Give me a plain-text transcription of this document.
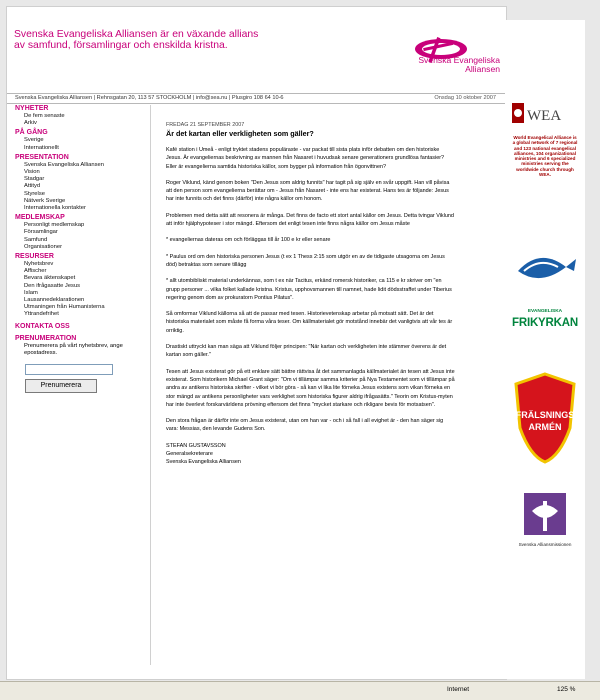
Svenska Evangeliska Alliansen är en växande allians av samfund, församlingar och enskilda kristna.

Svenska Evangeliska Alliansen
Svenska Evangeliska Alliansen | Rehnsgatan 20, 113 57 STOCKHOLM | info@sea.nu | Plusgiro 108 64 10-6	Onsdag 10 oktober 2007
NYHETER
De fem senaste
Arkiv
PÅ GÅNG
Sverige
Internationellt
PRESENTATION
Svenska Evangeliska Alliansen
Vision
Stadgar
Attityd
Styrelse
Nätverk Sverige
Internationella kontakter
MEDLEMSKAP
Personligt medlemskap
Församlingar
Samfund
Organisationer
RESURSER
Nyhetsbrev
Affischer
Bevara äktenskapet
Den ifrågasatte Jesus
Islam
Lausannedeklarationen
Utmaningen från Humanisterna
Yttrandefrihet
KONTAKTA OSS
PRENUMERATION
Prenumerera på vårt nyhetsbrev, ange epostadress.
Prenumerera
FREDAG 21 SEPTEMBER 2007
Är det kartan eller verkligheten som gäller?

Kafé station i Umeå - enligt tryktet stadens populäraste - var packat till sista plats inför debatten om den historiske Jesus. Är evangeliernas beskrivning av mannen från Nasaret i huvudsak senare generationers grundlösa fantasier? Eller är evangelierna samtida historiska källor, som bygger på information från ögonvittnen?

Roger Viklund, känd genom boken "Den Jesus som aldrig funnits" har tagit på sig själv en svår uppgift. Han vill påvisa att den person som evangelierna berättar om - Jesus från Nasaret - inte ens har existerat. Hans tes är följande: Jesus har inte funnits och det finns (därför) inte några källor om honom.

Problemen med detta sätt att resonera är många. Det finns de facto ett stort antal källor om Jesus. Detta tvingar Viklund att inför hjälphypoteser i stor mängd. Eftersom det enligt tesen inte finns några källor om Jesus måste

* evangeliernas dateras om och förläggas till år 100 e kr eller senare

* Paulus ord om den historiska personen Jesus (t ex 1 Thess 2:15 som utgör en av de tidigaste utsagorna om Jesus död) betraktas som senare tillägg

* allt utombibliskt material underkännas, som t ex när Tacitus, erkänd romersk historiker, ca 115 e kr skriver om "en grupp personer ... vilka folket kallade kristna. Kristus, upphovsmannen till namnet, hade lidit dödsstraffet under Tiberius regering genom dom av prokuratorn Pontius Pilatus".

Så omformar Viklund källorna så att de passar med tesen. Historievetenskap arbetar på motsatt sätt. Det är det historiska materialet som måste få forma våra teser. Om källmaterialet gör motstånd innebär det vanligtvis att vår tes är orriktig.

Drastiskt uttryckt kan man säga att Viklund följer principen: "När kartan och verkligheten inte stämmer överens är det kartan som gäller."

Tesen att Jesus existerat gör på ett enklare sätt bättre rättvisa åt det sammanlagda källmaterialet än tesen att Jesus inte existerat. Som historikern Michael Grant säger: "Om vi tillämpar samma kriterier på Nya Testamentet som vi tillämpar på andra av antikens historiska skrifter - vilket vi bör göra - så kan vi lika lite förneka Jesus existens som vikan förneka en stor mängd av antikens personligheter vars verklighet som historiska figurer aldrig ifrågasätts." Teorin om Kristus-myten har inte överlevt forskarvärldens prövning eftersom det finns "mycket starkare och rikligare bevis för motsatsen".

Den stora frågan är därför inte om Jesus existerat, utan om han var - och i så fall i all evighet är - den han säger sig vara: Messias, den levande Gudens Son.

STEFAN GUSTAVSSON
Generalsekreterare
Svenska Evangeliska Alliansen
WEA
World Evangelical Alliance is a global network of 7 regional and 123 national evangelical alliances, 104 organizational ministries and 6 specialized ministries serving the worldwide church through WEA.
EVANGELISKA
FRIKYRKAN
FRÄLSNINGS
ARMÉN
Svenska Alliansmissionen
Internet	125 %
